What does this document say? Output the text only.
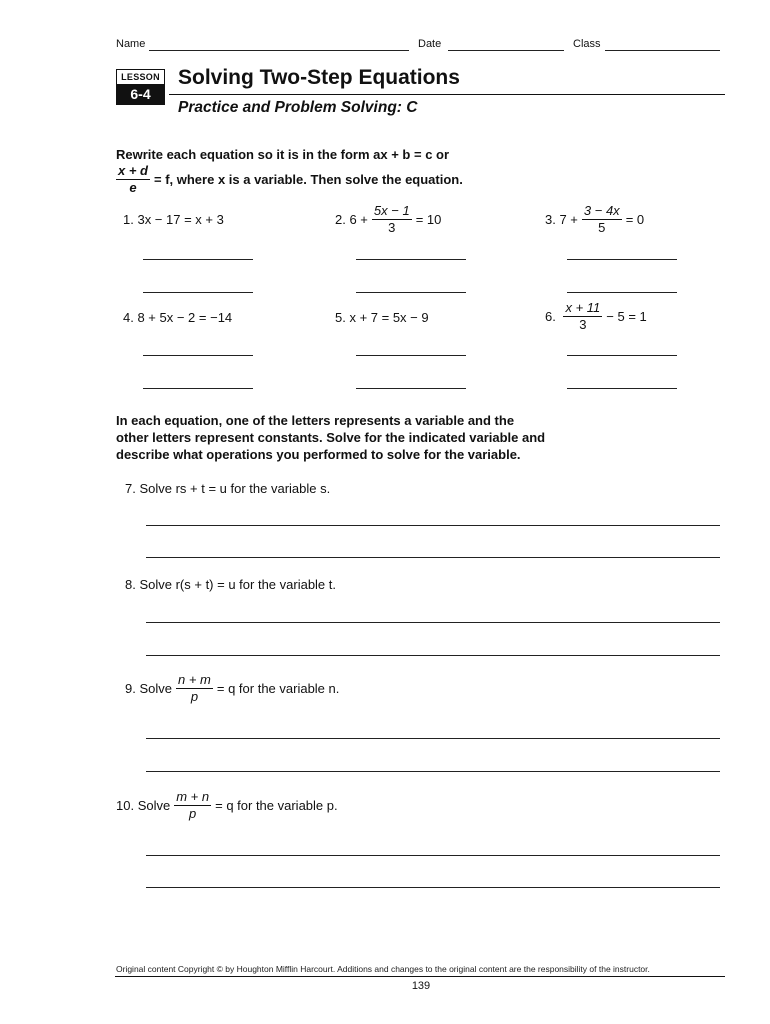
Name	Date	Class
LESSON
6-4
Solving Two-Step Equations
Practice and Problem Solving: C
Rewrite each equation so it is in the form ax + b = c or
$\frac{x + d}{e} = f$, where x is a variable. Then solve the equation.
1.
3x − 17 = x + 3	2.
$6 + \frac{5x - 1}{3} = 10$	3.
$7 + \frac{3 - 4x}{5} = 0$
4.
8 + 5x − 2 = −14	5.
x + 7 = 5x − 9	6.
$\frac{x + 11}{3} - 5 = 1$
In each equation, one of the letters represents a variable and the
other letters represent constants. Solve for the indicated variable and
describe what operations you performed to solve for the variable.
7.
Solve rs + t = u for the variable s.
8.
Solve r(s + t) = u for the variable t.
9.
Solve $\frac{n + m}{p} = q$ for the variable n.
10.
Solve $\frac{m + n}{p} = q$ for the variable p.
Original content Copyright © by Houghton Mifflin Harcourt. Additions and changes to the original content are the responsibility of the instructor.
139
